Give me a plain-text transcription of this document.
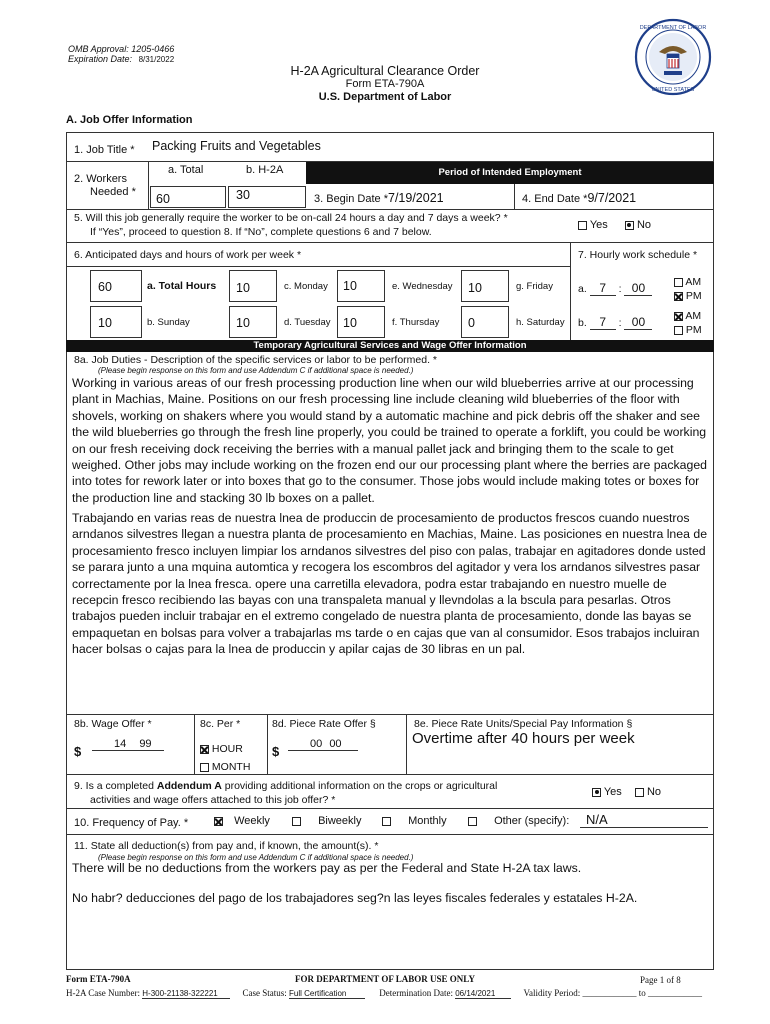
OMB Approval: 1205-0466
Expiration Date: 8/31/2022
H-2A Agricultural Clearance Order
Form ETA-790A
U.S. Department of Labor
DEPARTMENT OF LABOR
UNITED STATES
A. Job Offer Information
1. Job Title * Packing Fruits and Vegetables
2. Workers
Needed *
a. Total	b. H-2A
60	30
Period of Intended Employment
3. Begin Date *7/19/2021	4. End Date *9/7/2021
5. Will this job generally require the worker to be on-call 24 hours a day and 7 days a week? *
If “Yes”, proceed to question 8. If “No”, complete questions 6 and 7 below.
Yes	No
6. Anticipated days and hours of work per week *	7. Hourly work schedule *
60	a. Total Hours 10	c. Monday 10	e. Wednesday 10	g. Friday
10	b. Sunday	10	d. Tuesday 10	f. Thursday 0	h. Saturday
a. 7 : 00	AM
PM
b. 7 : 00	AM
PM
Temporary Agricultural Services and Wage Offer Information
8a. Job Duties - Description of the specific services or labor to be performed. *
(Please begin response on this form and use Addendum C if additional space is needed.)
Working in various areas of our fresh processing production line when our wild blueberries arrive at our processing plant in Machias, Maine. Positions on our fresh processing line include cleaning wild blueberries of the floor with shovels, working on shakers where you would stand by a automatic machine and pick debris off the shaker and see the wild blueberries go through the fresh line properly, you could be trained to operate a forklift, you could be working on our fresh receiving dock receiving the berries with a manual pallet jack and bringing them to the scale to get weighed. Other jobs may include working on the frozen end our our processing plant where the berries are packaged into totes for rework later or into boxes that go to the consumer. Those jobs would include making totes or boxes for the production line and stacking 30 lb boxes on a pallet.
Trabajando en varias reas de nuestra lnea de produccin de procesamiento de productos frescos cuando nuestros arndanos silvestres llegan a nuestra planta de procesamiento en Machias, Maine. Las posiciones en nuestra lnea de procesamiento fresco incluyen limpiar los arndanos silvestres del piso con palas, trabajar en agitadores donde usted se parara junto a una mquina automtica y recogera los escombros del agitador y vera los arndanos silvestres pasar correctamente por la lnea fresca. opere una carretilla elevadora, podra estar trabajando en nuestro muelle de recepcin fresco recibiendo las bayas con una transpaleta manual y llevndolas a la bscula para pesarlas. Otros trabajos pueden incluir trabajar en el extremo congelado de nuestra planta de procesamiento, donde las bayas se empaquetan en bolsas para volver a trabajarlas ms tarde o en cajas que van al consumidor. Esos trabajos incluiran hacer bolsas o cajas para la lnea de produccin y apilar cajas de 30 libras en un pal.
8b. Wage Offer *
$	14 99
8c. Per *
HOUR
MONTH
8d. Piece Rate Offer §
$	00 00
8e. Piece Rate Units/Special Pay Information §
Overtime after 40 hours per week
9. Is a completed Addendum A providing additional information on the crops or agricultural
activities and wage offers attached to this job offer? *
Yes No
10. Frequency of Pay. *	Weekly	Biweekly	Monthly	Other (specify):	N/A
11. State all deduction(s) from pay and, if known, the amount(s). *
(Please begin response on this form and use Addendum C if additional space is needed.)
There will be no deductions from the workers pay as per the Federal and State H-2A tax laws.
No habr? deducciones del pago de los trabajadores seg?n las leyes fiscales federales y estatales H-2A.
Form ETA-790A	FOR DEPARTMENT OF LABOR USE ONLY	Page 1 of 8
H-2A Case Number: H-300-21138-322221	Case Status: Full Certification	Determination Date: 06/14/2021	Validity Period: ____________ to ____________
